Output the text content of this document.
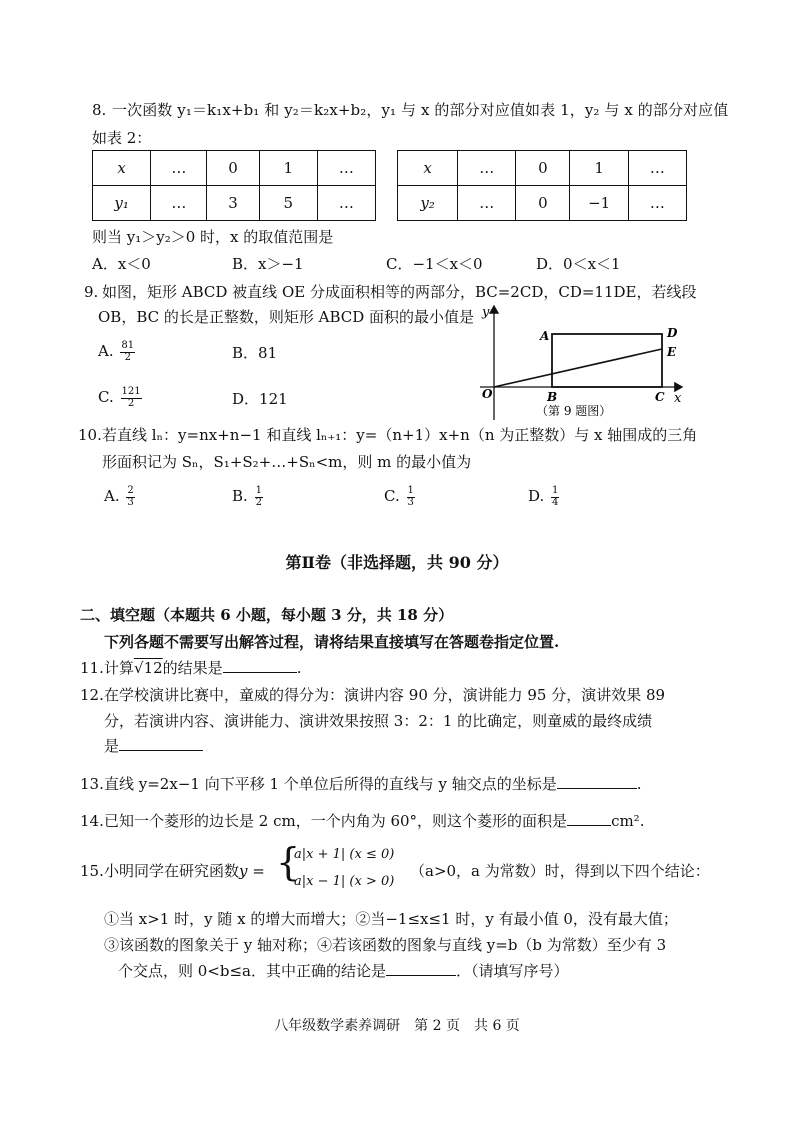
8. 一次函数 y₁＝k₁x+b₁ 和 y₂＝k₂x+b₂，y₁ 与 x 的部分对应值如表 1，y₂ 与 x 的部分对应值
如表 2：
x	…	0	1	…
y₁	…	3	5	…
x	…	0	1	…
y₂	…	0	−1	…
则当 y₁＞y₂＞0 时，x 的取值范围是
A．x＜0	B．x＞−1	C．−1＜x＜0	D．0＜x＜1
9. 如图，矩形 ABCD 被直线 OE 分成面积相等的两部分，BC=2CD，CD=11DE，若线段
OB，BC 的长是正整数，则矩形 ABCD 面积的最小值是
A. $\frac{81}{2}$	B．81
C. $\frac{121}{2}$	D．121
y
x
O
A
B	C
D
E
（第 9 题图）
10. 若直线 lₙ：y=nx+n−1 和直线 lₙ₊₁：y=（n+1）x+n（n 为正整数）与 x 轴围成的三角
形面积记为 Sₙ，S₁+S₂+…+Sₙ<m，则 m 的最小值为
A. $\frac{2}{3}$	B. $\frac{1}{2}$	C. $\frac{1}{3}$	D. $\frac{1}{4}$
第Ⅱ卷（非选择题，共 90 分）
二、填空题（本题共 6 小题，每小题 3 分，共 18 分）
下列各题不需要写出解答过程，请将结果直接填写在答题卷指定位置.
11. 计算√12的结果是	.
12. 在学校演讲比赛中，童威的得分为：演讲内容 90 分，演讲能力 95 分，演讲效果 89
分，若演讲内容、演讲能力、演讲效果按照 3：2：1 的比确定，则童威的最终成绩
是
13. 直线 y=2x−1 向下平移 1 个单位后所得的直线与 y 轴交点的坐标是	.
14. 已知一个菱形的边长是 2 cm，一个内角为 60°，则这个菱形的面积是	cm².
15. 小明同学在研究函数 y = {
a|x + 1| (x ≤ 0)
a|x − 1| (x > 0)
（a>0，a 为常数）时，得到以下四个结论：
①当 x>1 时，y 随 x 的增大而增大；②当−1≤x≤1 时，y 有最小值 0，没有最大值；
③该函数的图象关于 y 轴对称；④若该函数的图象与直线 y=b（b 为常数）至少有 3
个交点，则 0<b≤a．其中正确的结论是	．（请填写序号）
八年级数学素养调研　第 2 页　共 6 页
